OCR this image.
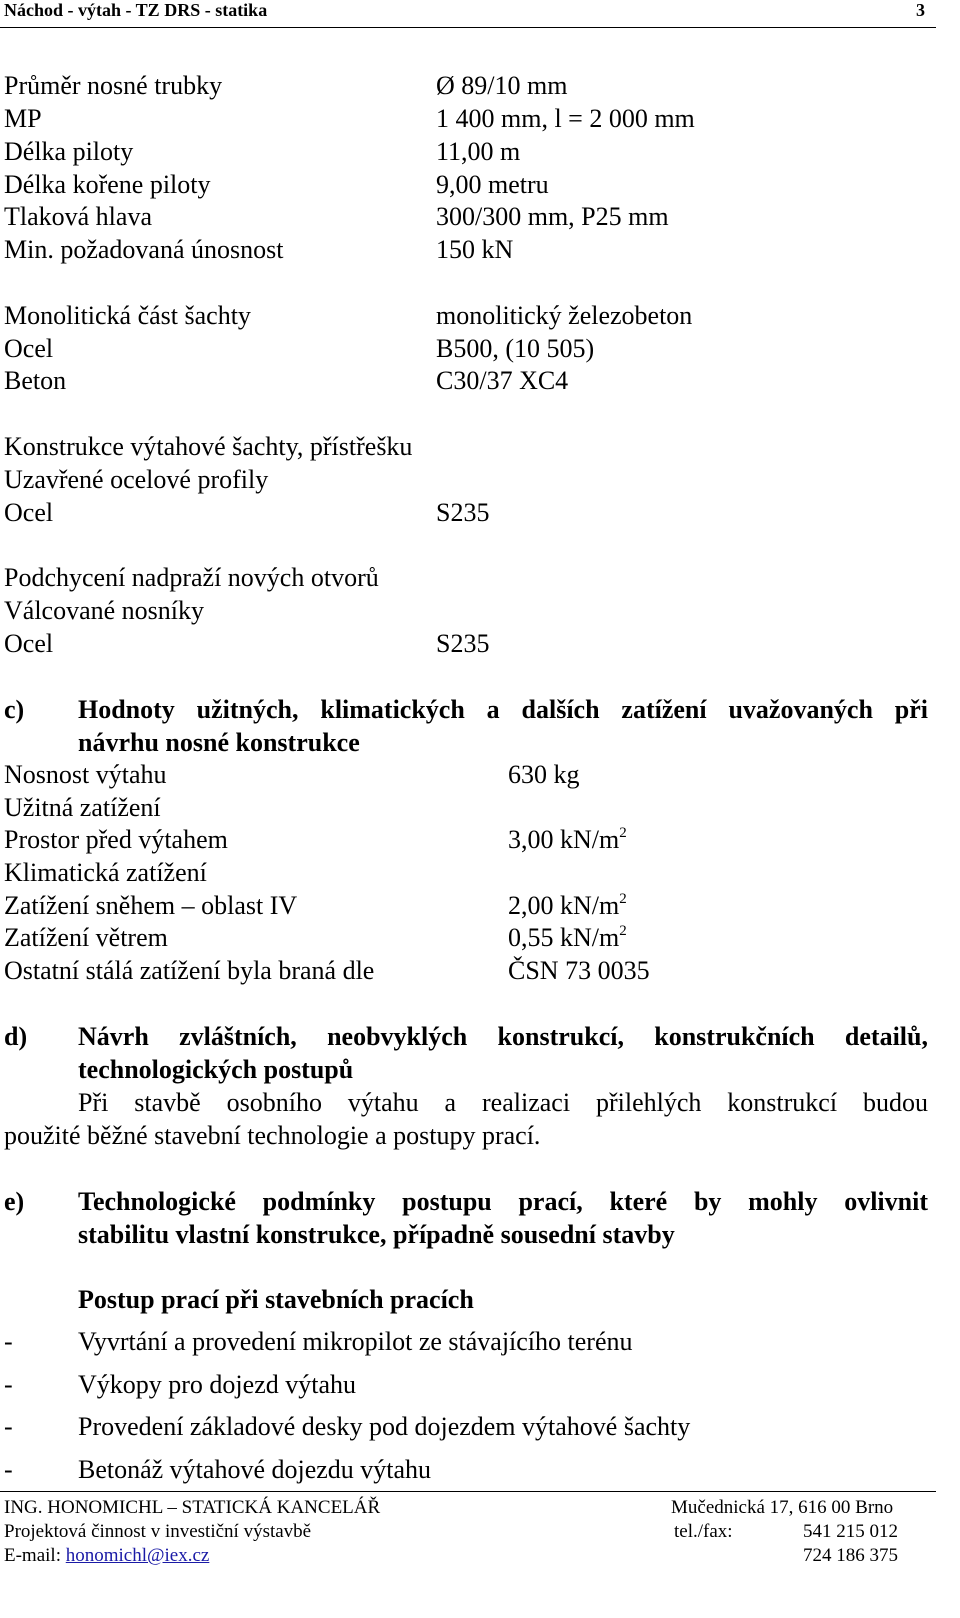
Náchod - výtah - TZ DRS - statika	3
Průměr nosné trubky	Ø 89/10 mm
MP	1 400 mm, l = 2 000 mm
Délka piloty	11,00 m
Délka kořene piloty	9,00 metru
Tlaková hlava	300/300 mm, P25 mm
Min. požadovaná únosnost	150 kN
Monolitická část šachty	monolitický železobeton
Ocel	B500, (10 505)
Beton	C30/37 XC4
Konstrukce výtahové šachty, přístřešku
Uzavřené ocelové profily
Ocel	S235
Podchycení nadpraží nových otvorů
Válcované nosníky
Ocel	S235
c) Hodnoty užitných, klimatických a dalších zatížení uvažovaných při
návrhu nosné konstrukce
Nosnost výtahu	630 kg
Užitná zatížení
Prostor před výtahem	3,00 $kN/m^2$
Klimatická zatížení
Zatížení sněhem – oblast IV	2,00 $kN/m^2$
Zatížení větrem	0,55 $kN/m^2$
Ostatní stálá zatížení byla braná dle	ČSN 73 0035
d) Návrh zvláštních, neobvyklých konstrukcí, konstrukčních detailů,
technologických postupů
Při stavbě osobního výtahu a realizaci přilehlých konstrukcí budou
použité běžné stavební technologie a postupy prací.
e) Technologické podmínky postupu prací, které by mohly ovlivnit
stabilitu vlastní konstrukce, případně sousední stavby
Postup prací při stavebních pracích
-	Vyvrtání a provedení mikropilot ze stávajícího terénu
-	Výkopy pro dojezd výtahu
-	Provedení základové desky pod dojezdem výtahové šachty
-	Betonáž výtahové dojezdu výtahu
ING. HONOMICHL – STATICKÁ KANCELÁŘ	Mučednická 17, 616 00 Brno
Projektová činnost v investiční výstavbě	tel./fax:	541 215 012
E-mail: honomichl@iex.cz	724 186 375
